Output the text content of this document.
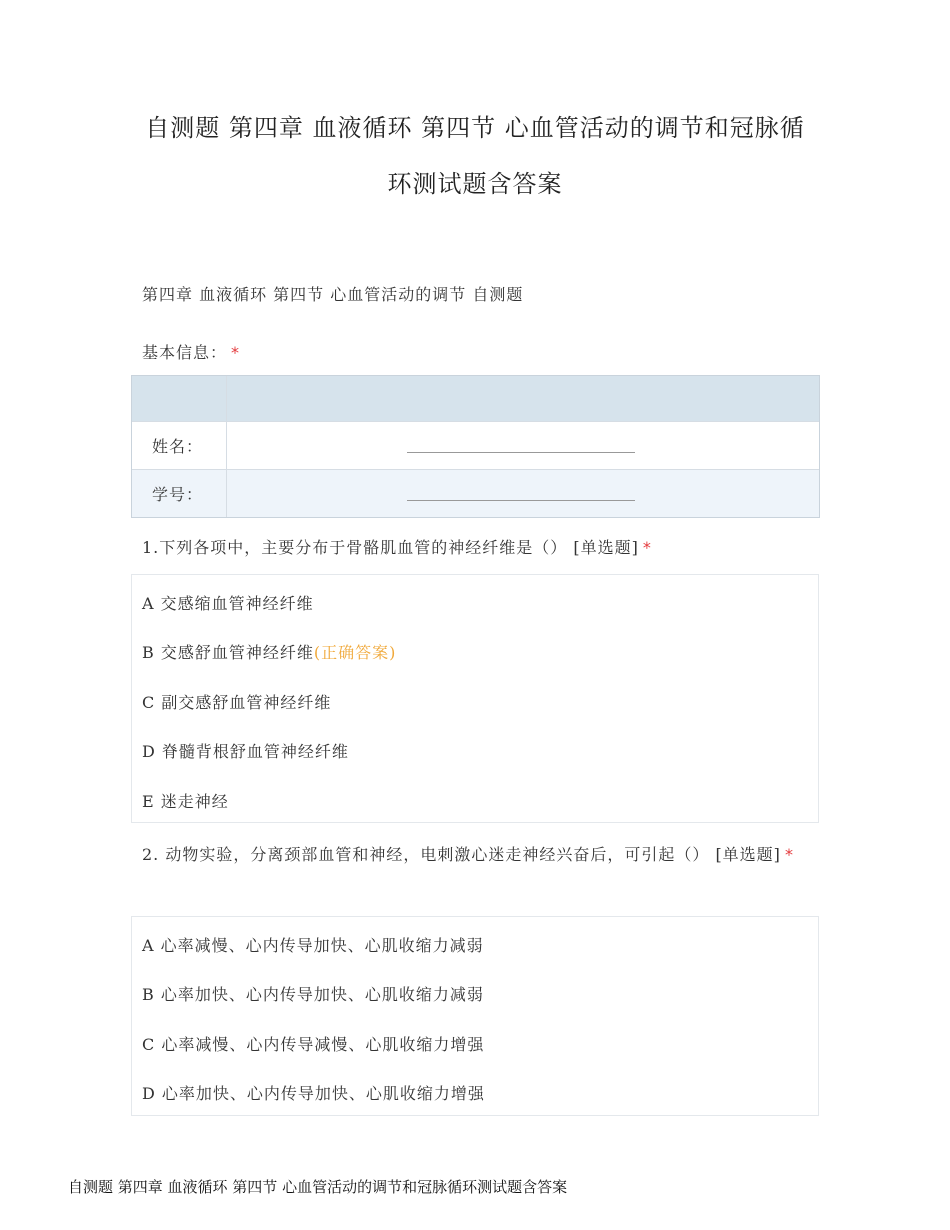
自测题 第四章 血液循环 第四节 心血管活动的调节和冠脉循
环测试题含答案
第四章 血液循环 第四节 心血管活动的调节 自测题
基本信息： *
姓名：
学号：
1.下列各项中，主要分布于骨骼肌血管的神经纤维是（） [单选题] *
A 交感缩血管神经纤维
B 交感舒血管神经纤维(正确答案)
C 副交感舒血管神经纤维
D 脊髓背根舒血管神经纤维
E 迷走神经
2. 动物实验，分离颈部血管和神经，电刺激心迷走神经兴奋后，可引起（） [单选题] *
A 心率减慢、心内传导加快、心肌收缩力减弱
B 心率加快、心内传导加快、心肌收缩力减弱
C 心率减慢、心内传导减慢、心肌收缩力增强
D 心率加快、心内传导加快、心肌收缩力增强
自测题 第四章 血液循环 第四节 心血管活动的调节和冠脉循环测试题含答案
